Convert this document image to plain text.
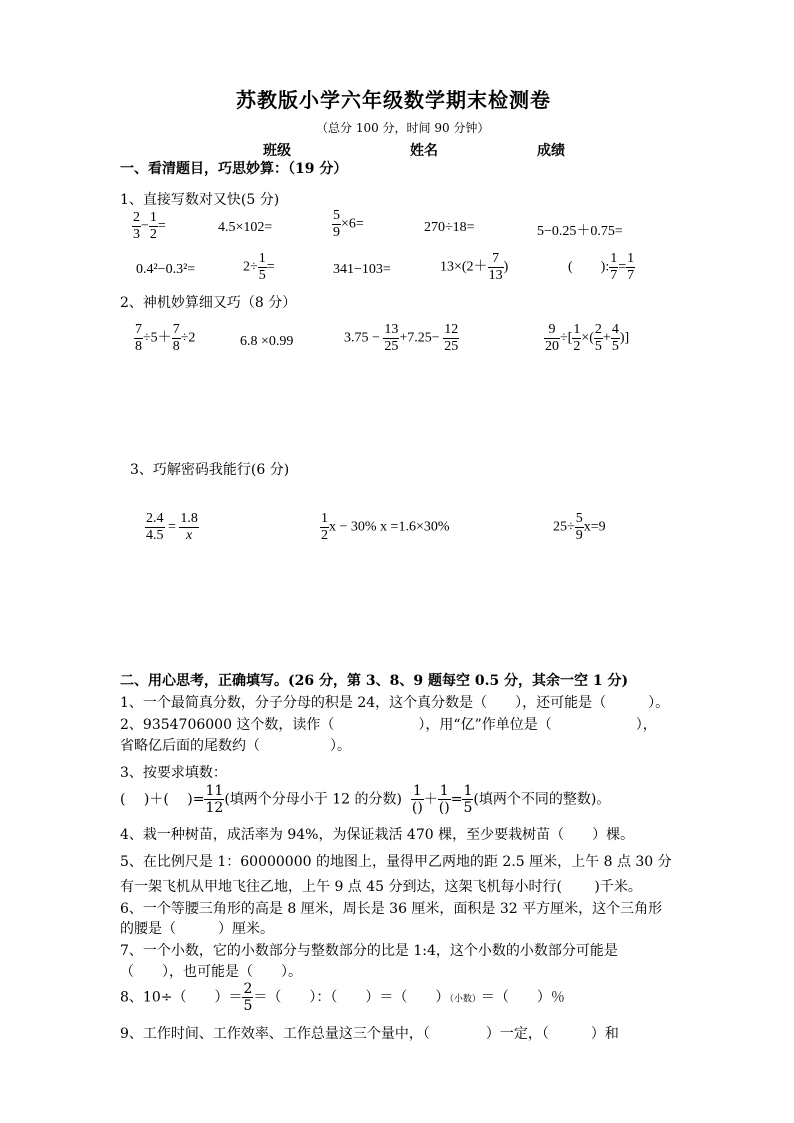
苏教版小学六年级数学期末检测卷
（总分 100 分，时间 90 分钟）
班级	姓名	成绩
一、看清题目，巧思妙算：（19 分）
1、直接写数对又快(5 分)
$\frac{2}{3} - \frac{1}{2}$ =	4.5×102=	$\frac{5}{9} \times 6=$	270÷18=	5−0.25＋0.75=
0.4²−0.3²=	$2\div \frac{1}{5}$ =	341−103=	$13\times(2+ \frac{7}{13}$ )	(　　): $\frac{1}{7} = \frac{1}{7}$
2、神机妙算细又巧（8 分）
$\frac{7}{8} \div 5+ \frac{7}{8} \div 2$	6.8 ×0.99	$3.75 - \frac{13}{25} +7.25- \frac{12}{25}$	$\frac{9}{20}$ ÷[ $\frac{1}{2}$ ×( $\frac{2}{5} + \frac{4}{5}$ )]
3、巧解密码我能行(6 分)
$\frac{2.4}{4.5} = \frac{1.8}{x}$	$\frac{1}{2}$ x − 30% x =1.6×30%	$25\div \frac{5}{9} x=9$
二、用心思考，正确填写。(26 分，第 3、8、9 题每空 0.5 分，其余一空 1 分)
1、一个最简真分数，分子分母的积是 24，这个真分数是（　　），还可能是（　　　）。
2、9354706000 这个数，读作（　　　　　　），用“亿”作单位是（　　　　　　），
省略亿后面的尾数约（　　　　　）。
3、按要求填数：
(　 )＋(　 )= $\frac{11}{12}$ (填两个分母小于 12 的分数)
1
()
＋
1
()
= $\frac{1}{5}$ (填两个不同的整数)。
4、栽一种树苗，成活率为 94%，为保证栽活 470 棵，至少要栽树苗（　　）棵。
5、在比例尺是 1：60000000 的地图上，量得甲乙两地的距 2.5 厘米，上午 8 点 30 分
有一架飞机从甲地飞往乙地，上午 9 点 45 分到达，这架飞机每小时行(　　 )千米。
6、一个等腰三角形的高是 8 厘米，周长是 36 厘米，面积是 32 平方厘米，这个三角形
的腰是（　　　）厘米。
7、一个小数，它的小数部分与整数部分的比是 1:4，这个小数的小数部分可能是
（　　），也可能是（　　）。
8、10÷（　　）＝ $\frac{2}{5}$ ＝（　　）：（　　）＝（　　）（小数）＝（　　）％
9、工作时间、工作效率、工作总量这三个量中，（　　　　）一定，（　　　）和
